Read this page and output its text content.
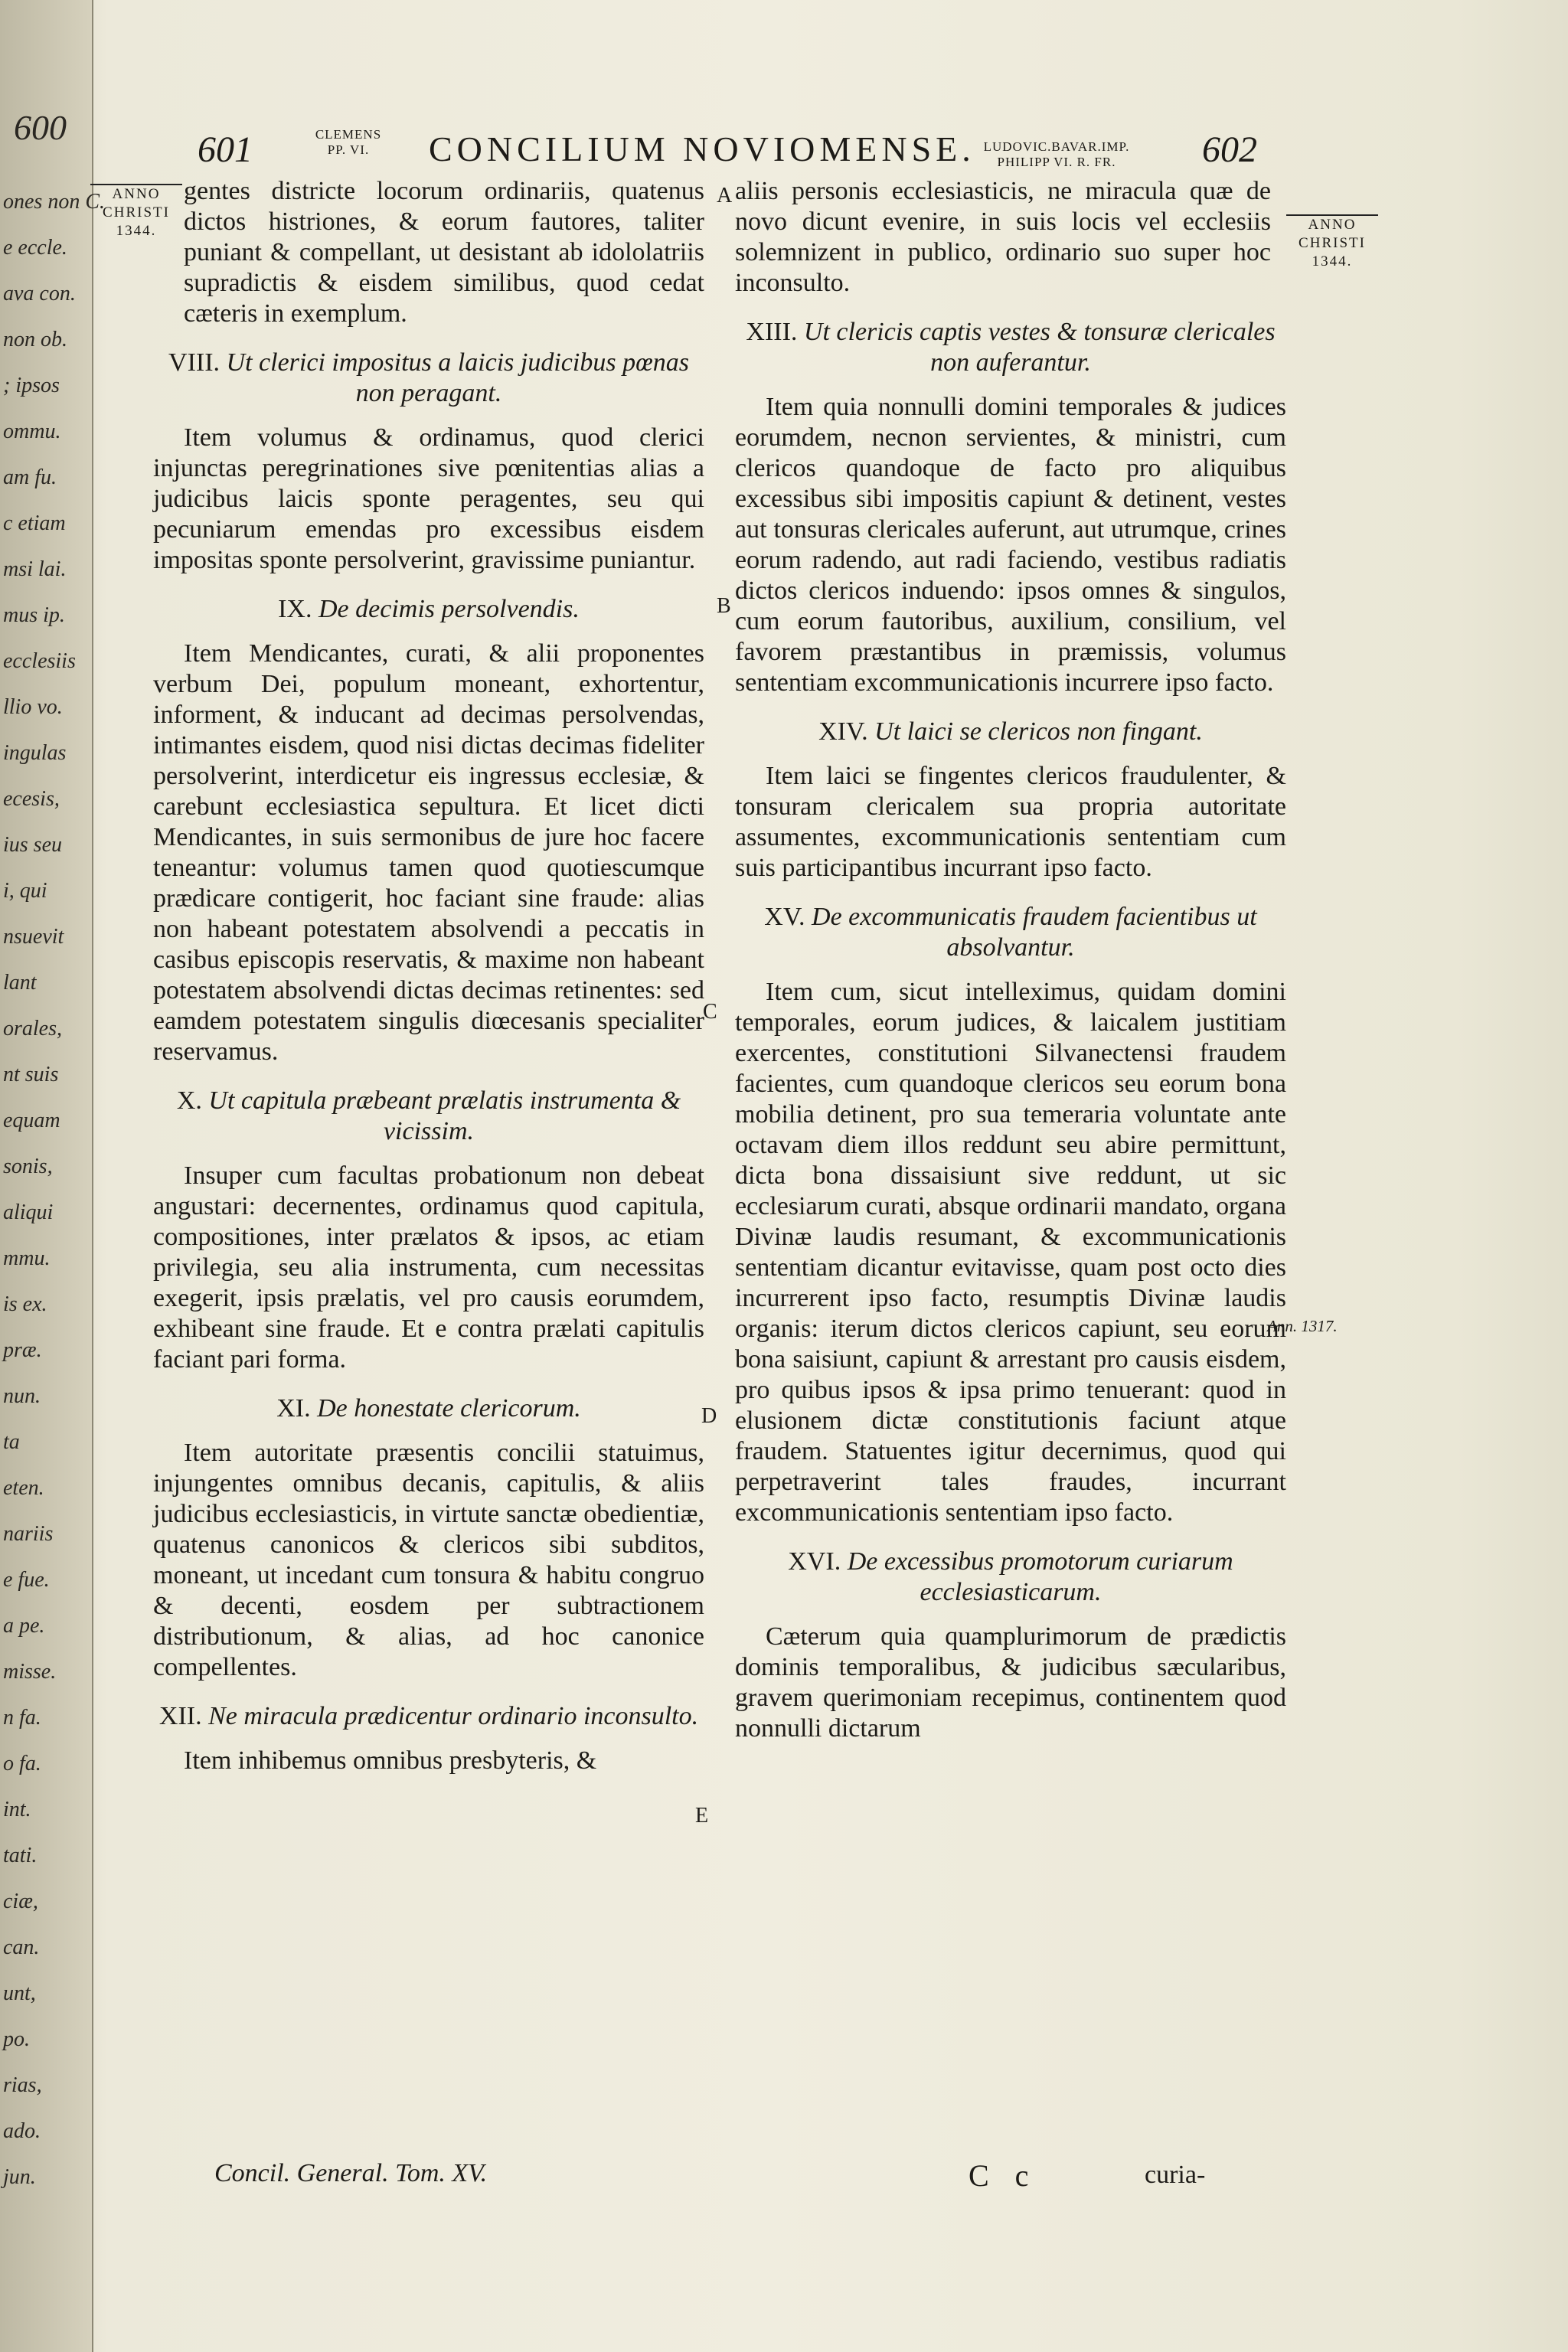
600
ones non C.
e eccle.
ava con.
non ob.
; ipsos
ommu.
am fu.
c etiam
msi lai.
mus ip.
ecclesiis
llio vo.
ingulas
ecesis,
ius seu
i, qui
nsuevit
lant
orales,
nt suis
equam
sonis,
aliqui
mmu.
is ex.
præ.
nun.
ta
eten.
nariis
e fue.
a pe.
misse.
n fa.
o fa.
int.
tati.
ciæ,
can.
unt,
po.
rias,
ado.
jun.
601	CLEMENS
PP. VI.	CONCILIUM NOVIOMENSE. LUDOVIC.BAVAR.IMP.
PHILIPP VI. R. FR.	602
ANNO
CHRISTI
1344.	ANNO
CHRISTI
1344.
Ann. 1317.
A
B
C
D
E

gentes districte locorum ordinariis, quatenus dictos histriones, & eorum fautores, taliter puniant & compellant, ut desistant ab idololatriis supradictis & eisdem similibus, quod cedat cæteris in exemplum.

VIII. Ut clerici impositus a laicis judicibus pœnas non peragant.

Item volumus & ordinamus, quod clerici injunctas peregrinationes sive pœnitentias alias a judicibus laicis sponte peragentes, seu qui pecuniarum emendas pro excessibus eisdem impositas sponte persolverint, gravissime puniantur.

IX. De decimis persolvendis.

Item Mendicantes, curati, & alii proponentes verbum Dei, populum moneant, exhortentur, informent, & inducant ad decimas persolvendas, intimantes eisdem, quod nisi dictas decimas fideliter persolverint, interdicetur eis ingressus ecclesiæ, & carebunt ecclesiastica sepultura. Et licet dicti Mendicantes, in suis sermonibus de jure hoc facere teneantur: volumus tamen quod quotiescumque prædicare contigerit, hoc faciant sine fraude: alias non habeant potestatem absolvendi a peccatis in casibus episcopis reservatis, & maxime non habeant potestatem absolvendi dictas decimas retinentes: sed eamdem potestatem singulis diœcesanis specialiter reservamus.

X. Ut capitula præbeant prælatis instrumenta & vicissim.

Insuper cum facultas probationum non debeat angustari: decernentes, ordinamus quod capitula, compositiones, inter prælatos & ipsos, ac etiam privilegia, seu alia instrumenta, cum necessitas exegerit, ipsis prælatis, vel pro causis eorumdem, exhibeant sine fraude. Et e contra prælati capitulis faciant pari forma.

XI. De honestate clericorum.

Item autoritate præsentis concilii statuimus, injungentes omnibus decanis, capitulis, & aliis judicibus ecclesiasticis, in virtute sanctæ obedientiæ, quatenus canonicos & clericos sibi subditos, moneant, ut incedant cum tonsura & habitu congruo & decenti, eosdem per subtractionem distributionum, & alias, ad hoc canonice compellentes.

XII. Ne miracula prædicentur ordinario inconsulto.

Item inhibemus omnibus presbyteris, &

aliis personis ecclesiasticis, ne miracula quæ de novo dicunt evenire, in suis locis vel ecclesiis solemnizent in publico, ordinario suo super hoc inconsulto.

XIII. Ut clericis captis vestes & tonsuræ clericales non auferantur.

Item quia nonnulli domini temporales & judices eorumdem, necnon servientes, & ministri, cum clericos quandoque de facto pro aliquibus excessibus sibi impositis capiunt & detinent, vestes aut tonsuras clericales auferunt, aut utrumque, crines eorum radendo, aut radi faciendo, vestibus radiatis dictos clericos induendo: ipsos omnes & singulos, cum eorum fautoribus, auxilium, consilium, vel favorem præstantibus in præmissis, volumus sententiam excommunicationis incurrere ipso facto.

XIV. Ut laici se clericos non fingant.

Item laici se fingentes clericos fraudulenter, & tonsuram clericalem sua propria autoritate assumentes, excommunicationis sententiam cum suis participantibus incurrant ipso facto.

XV. De excommunicatis fraudem facientibus ut absolvantur.

Item cum, sicut intelleximus, quidam domini temporales, eorum judices, & laicalem justitiam exercentes, constitutioni Silvanectensi fraudem facientes, cum quandoque clericos seu eorum bona mobilia detinent, pro sua temeraria voluntate ante octavam diem illos reddunt seu abire permittunt, dicta bona dissaisiunt sive reddunt, ut sic ecclesiarum curati, absque ordinarii mandato, organa Divinæ laudis resumant, & excommunicationis sententiam dicantur evitavisse, quam post octo dies incurrerent ipso facto, resumptis Divinæ laudis organis: iterum dictos clericos capiunt, seu eorum bona saisiunt, capiunt & arrestant pro causis eisdem, pro quibus ipsos & ipsa primo tenuerant: quod in elusionem dictæ constitutionis faciunt atque fraudem. Statuentes igitur decernimus, quod qui perpetraverint tales fraudes, incurrant excommunicationis sententiam ipso facto.

XVI. De excessibus promotorum curiarum ecclesiasticarum.

Cæterum quia quamplurimorum de prædictis dominis temporalibus, & judicibus sæcularibus, gravem querimoniam recepimus, continentem quod nonnulli dictarum

Concil. General. Tom. XV.	C c	curia-
